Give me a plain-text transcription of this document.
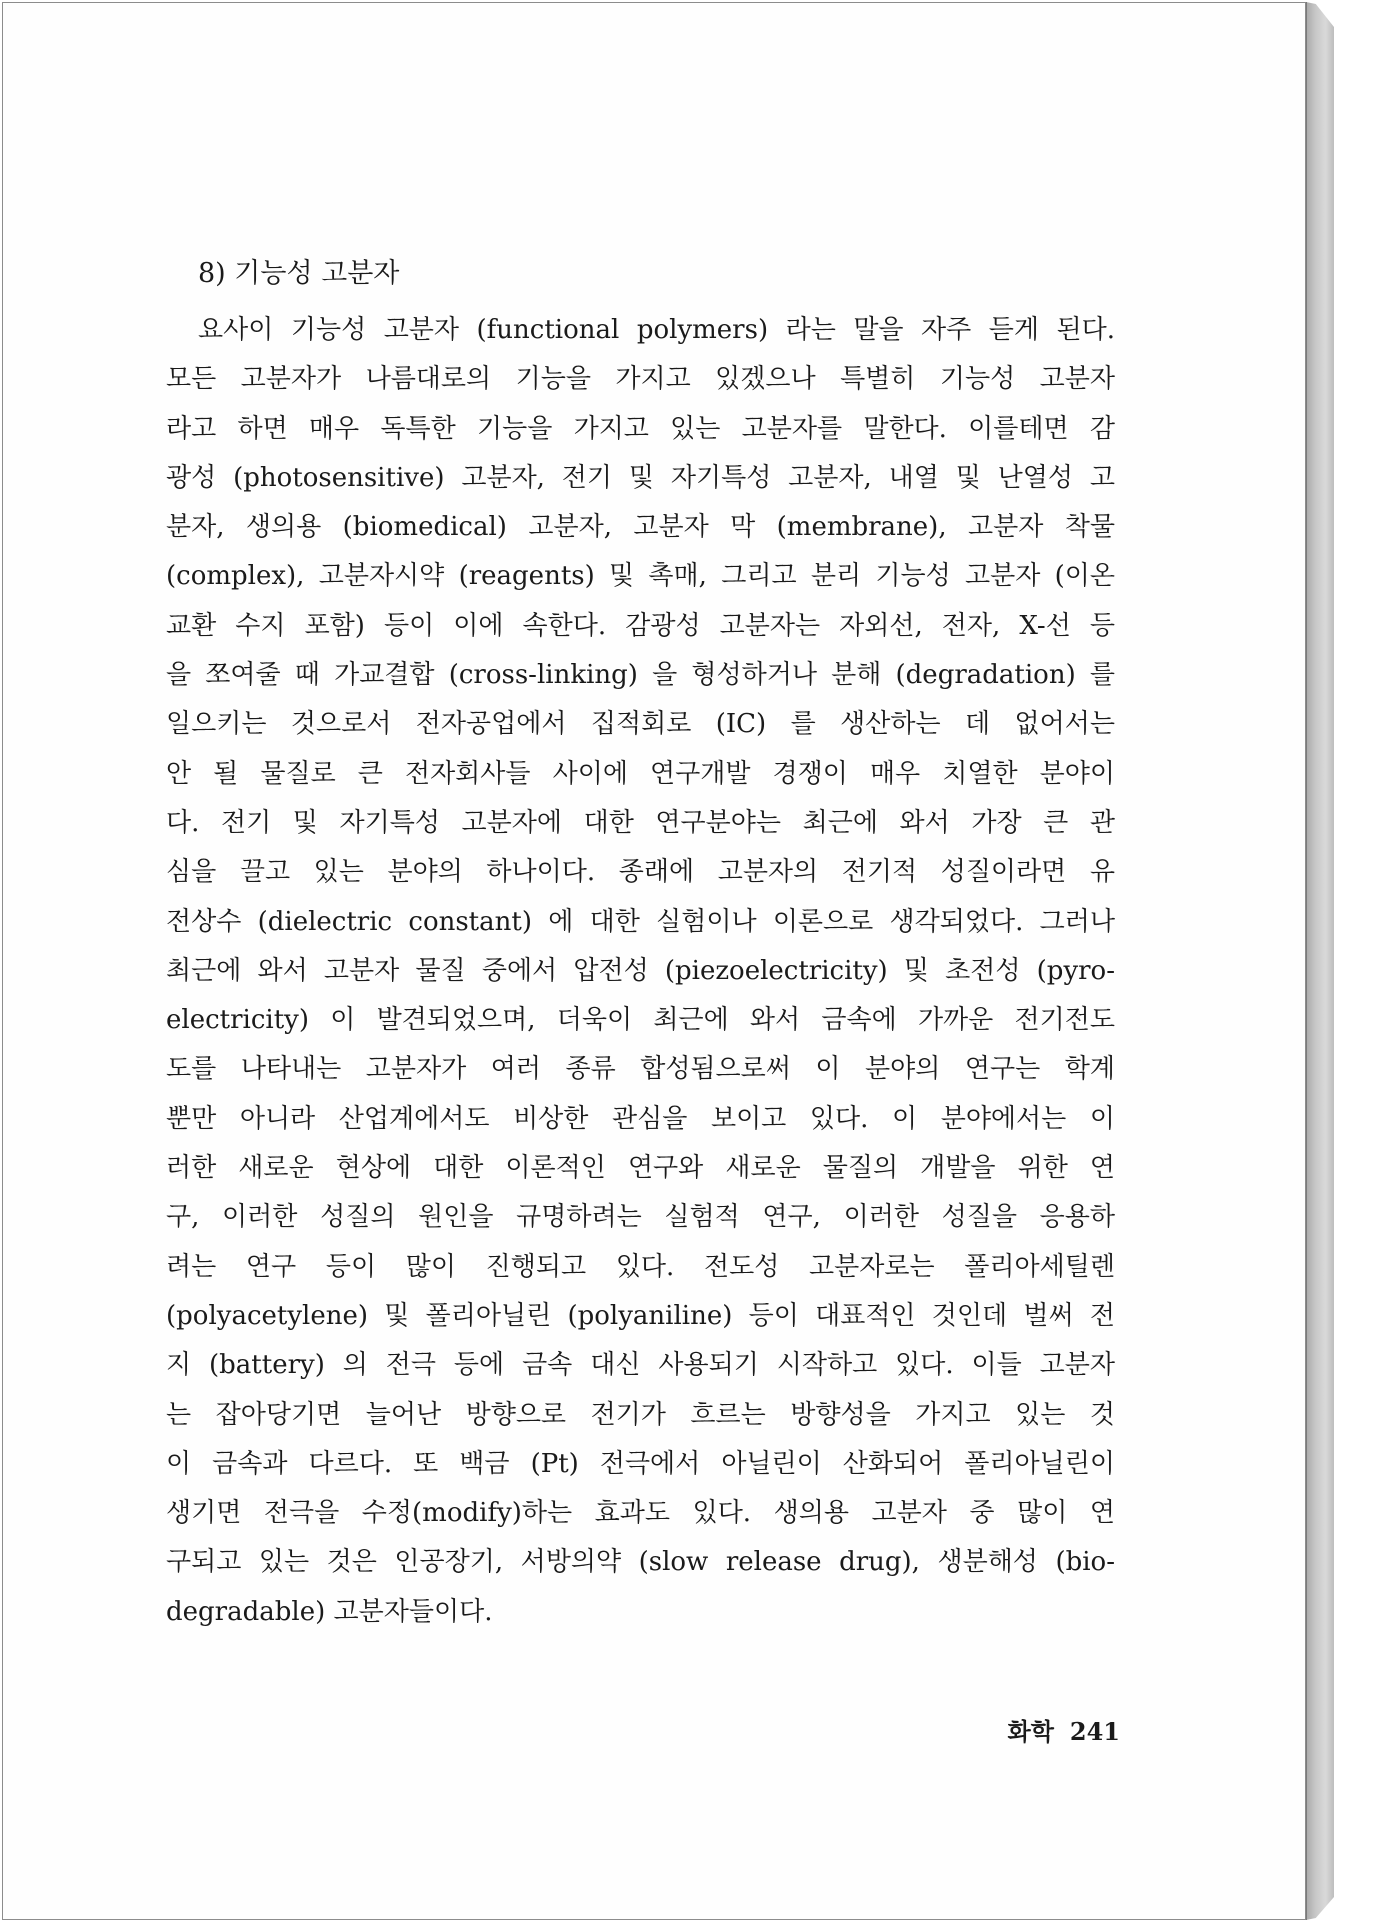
8) 기능성 고분자
요사이 기능성 고분자 (functional polymers) 라는 말을 자주 듣게 된다.
모든 고분자가 나름대로의 기능을 가지고 있겠으나 특별히 기능성 고분자
라고 하면 매우 독특한 기능을 가지고 있는 고분자를 말한다. 이를테면 감
광성 (photosensitive) 고분자, 전기 및 자기특성 고분자, 내열 및 난열성 고
분자, 생의용 (biomedical) 고분자, 고분자 막 (membrane), 고분자 착물
(complex), 고분자시약 (reagents) 및 촉매, 그리고 분리 기능성 고분자 (이온
교환 수지 포함) 등이 이에 속한다. 감광성 고분자는 자외선, 전자, X-선 등
을 쪼여줄 때 가교결합 (cross-linking) 을 형성하거나 분해 (degradation) 를
일으키는 것으로서 전자공업에서 집적회로 (IC) 를 생산하는 데 없어서는
안 될 물질로 큰 전자회사들 사이에 연구개발 경쟁이 매우 치열한 분야이
다. 전기 및 자기특성 고분자에 대한 연구분야는 최근에 와서 가장 큰 관
심을 끌고 있는 분야의 하나이다. 종래에 고분자의 전기적 성질이라면 유
전상수 (dielectric constant) 에 대한 실험이나 이론으로 생각되었다. 그러나
최근에 와서 고분자 물질 중에서 압전성 (piezoelectricity) 및 초전성 (pyro-
electricity) 이 발견되었으며, 더욱이 최근에 와서 금속에 가까운 전기전도
도를 나타내는 고분자가 여러 종류 합성됨으로써 이 분야의 연구는 학계
뿐만 아니라 산업계에서도 비상한 관심을 보이고 있다. 이 분야에서는 이
러한 새로운 현상에 대한 이론적인 연구와 새로운 물질의 개발을 위한 연
구, 이러한 성질의 원인을 규명하려는 실험적 연구, 이러한 성질을 응용하
려는 연구 등이 많이 진행되고 있다. 전도성 고분자로는 폴리아세틸렌
(polyacetylene) 및 폴리아닐린 (polyaniline) 등이 대표적인 것인데 벌써 전
지 (battery) 의 전극 등에 금속 대신 사용되기 시작하고 있다. 이들 고분자
는 잡아당기면 늘어난 방향으로 전기가 흐르는 방향성을 가지고 있는 것
이 금속과 다르다. 또 백금 (Pt) 전극에서 아닐린이 산화되어 폴리아닐린이
생기면 전극을 수정(modify)하는 효과도 있다. 생의용 고분자 중 많이 연
구되고 있는 것은 인공장기, 서방의약 (slow release drug), 생분해성 (bio-
degradable) 고분자들이다.
화학 241
